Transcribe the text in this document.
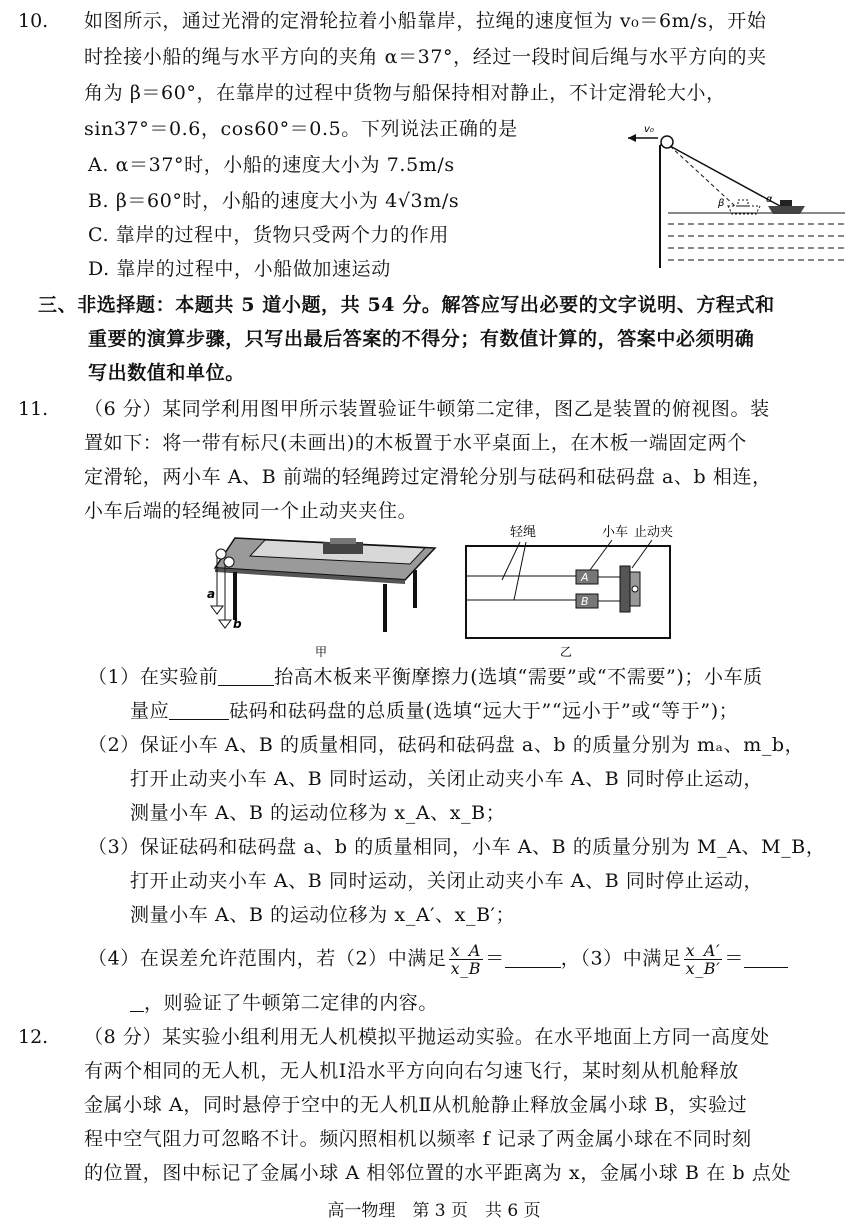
10. 如图所示，通过光滑的定滑轮拉着小船靠岸，拉绳的速度恒为 v₀＝6m/s，开始
时拴接小船的绳与水平方向的夹角 α＝37°，经过一段时间后绳与水平方向的夹
角为 β＝60°，在靠岸的过程中货物与船保持相对静止，不计定滑轮大小，
sin37°＝0.6，cos60°＝0.5。下列说法正确的是
A. α＝37°时，小船的速度大小为 7.5m/s
B. β＝60°时，小船的速度大小为 4√3m/s
C. 靠岸的过程中，货物只受两个力的作用
D. 靠岸的过程中，小船做加速运动
v₀
β	α
三、非选择题：本题共 5 道小题，共 54 分。解答应写出必要的文字说明、方程式和
重要的演算步骤，只写出最后答案的不得分；有数值计算的，答案中必须明确
写出数值和单位。
11. （6 分）某同学利用图甲所示装置验证牛顿第二定律，图乙是装置的俯视图。装
置如下：将一带有标尺(未画出)的木板置于水平桌面上，在木板一端固定两个
定滑轮，两小车 A、B 前端的轻绳跨过定滑轮分别与砝码和砝码盘 a、b 相连，
小车后端的轻绳被同一个止动夹夹住。
a
b
甲
轻绳	小车 止动夹
A
B
乙
（1）在实验前	抬高木板来平衡摩擦力(选填“需要”或“不需要”)；小车质
量应	砝码和砝码盘的总质量(选填“远大于”“远小于”或“等于”)；
（2）保证小车 A、B 的质量相同，砝码和砝码盘 a、b 的质量分别为 mₐ、m_b，
打开止动夹小车 A、B 同时运动，关闭止动夹小车 A、B 同时停止运动，
测量小车 A、B 的运动位移为 x_A、x_B；
（3）保证砝码和砝码盘 a、b 的质量相同，小车 A、B 的质量分别为 M_A、M_B，
打开止动夹小车 A、B 同时运动，关闭止动夹小车 A、B 同时停止运动，
测量小车 A、B 的运动位移为 x_A′、x_B′；
（4）在误差允许范围内，若（2）中满足 $\frac{x\_A}{x\_B}$ ＝	，（3）中满足 $\frac{x\_A'}{x\_B'}$ ＝
，则验证了牛顿第二定律的内容。
12. （8 分）某实验小组利用无人机模拟平抛运动实验。在水平地面上方同一高度处
有两个相同的无人机，无人机Ⅰ沿水平方向向右匀速飞行，某时刻从机舱释放
金属小球 A，同时悬停于空中的无人机Ⅱ从机舱静止释放金属小球 B，实验过
程中空气阻力可忽略不计。频闪照相机以频率 f 记录了两金属小球在不同时刻
的位置，图中标记了金属小球 A 相邻位置的水平距离为 x，金属小球 B 在 b 点处
高一物理　第 3 页　共 6 页
